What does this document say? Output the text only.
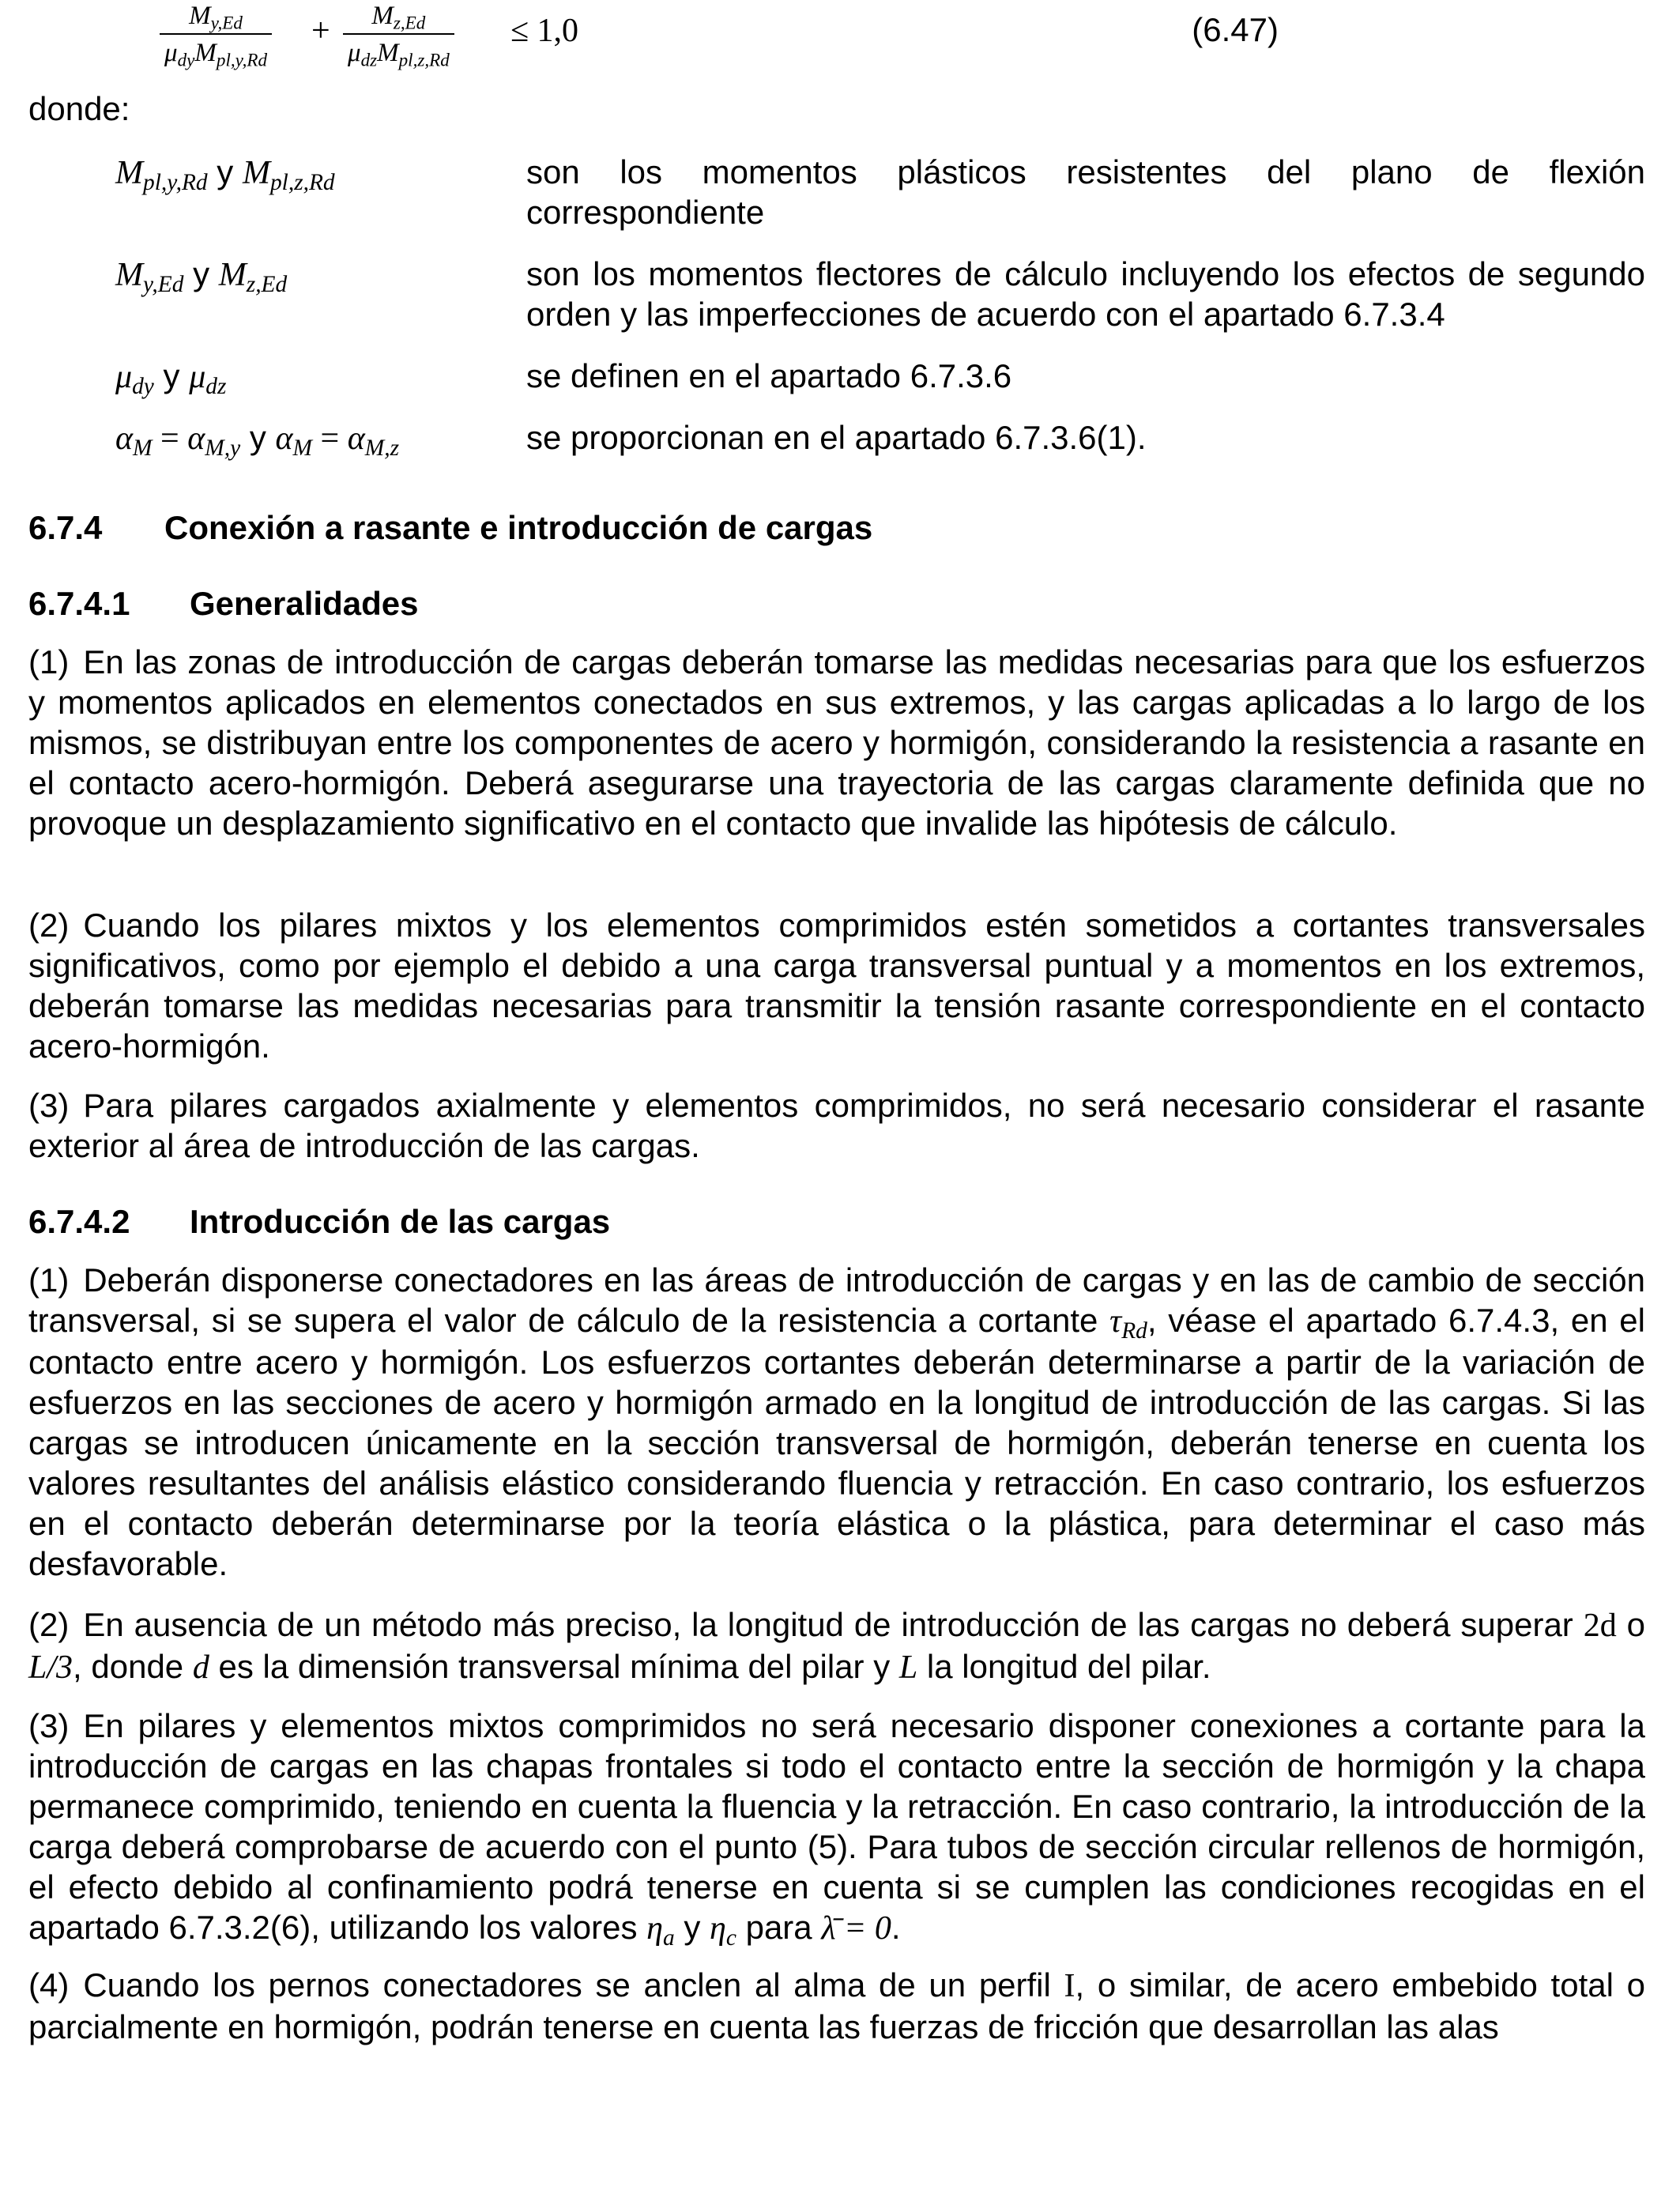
$M_{y,Ed}$
$\mu_{dy}M_{pl,y,Rd}$
+ $M_{z,Ed}$
$\mu_{dz}M_{pl,z,Rd}$
≤ 1,0	(6.47)
donde:
$M_{pl,y,Rd}$ y $M_{pl,z,Rd}$	son los momentos plásticos resistentes del plano de flexión correspondiente
$M_{y,Ed}$ y $M_{z,Ed}$	son los momentos flectores de cálculo incluyendo los efectos de segundo orden y las imperfecciones de acuerdo con el apartado 6.7.3.4
$\mu_{dy}$ y $\mu_{dz}$	se definen en el apartado 6.7.3.6
$\alpha_M = \alpha_{M,y}$ y $\alpha_M = \alpha_{M,z}$	se proporcionan en el apartado 6.7.3.6(1).
6.7.4 Conexión a rasante e introducción de cargas
6.7.4.1 Generalidades

(1) En las zonas de introducción de cargas deberán tomarse las medidas necesarias para que los esfuerzos y momentos aplicados en elementos conectados en sus extremos, y las cargas aplicadas a lo largo de los mismos, se distribuyan entre los componentes de acero y hormigón, considerando la resistencia a rasante en el contacto acero-hormigón. Deberá asegurarse una trayectoria de las cargas claramente definida que no provoque un desplazamiento significativo en el contacto que invalide las hipótesis de cálculo.

(2) Cuando los pilares mixtos y los elementos comprimidos estén sometidos a cortantes transversales significativos, como por ejemplo el debido a una carga transversal puntual y a momentos en los extremos, deberán tomarse las medidas necesarias para transmitir la tensión rasante correspondiente en el contacto acero-hormigón.

(3) Para pilares cargados axialmente y elementos comprimidos, no será necesario considerar el rasante exterior al área de introducción de las cargas.

6.7.4.2 Introducción de las cargas

(1) Deberán disponerse conectadores en las áreas de introducción de cargas y en las de cambio de sección transversal, si se supera el valor de cálculo de la resistencia a cortante $\tau_{Rd}$, véase el apartado 6.7.4.3, en el contacto entre acero y hormigón. Los esfuerzos cortantes deberán determinarse a partir de la variación de esfuerzos en las secciones de acero y hormigón armado en la longitud de introducción de las cargas. Si las cargas se introducen únicamente en la sección transversal de hormigón, deberán tenerse en cuenta los valores resultantes del análisis elástico considerando fluencia y retracción. En caso contrario, los esfuerzos en el contacto deberán determinarse por la teoría elástica o la plástica, para determinar el caso más desfavorable.

(2) En ausencia de un método más preciso, la longitud de introducción de las cargas no deberá superar 2d o L/3, donde d es la dimensión transversal mínima del pilar y L la longitud del pilar.

(3) En pilares y elementos mixtos comprimidos no será necesario disponer conexiones a cortante para la introducción de cargas en las chapas frontales si todo el contacto entre la sección de hormigón y la chapa permanece comprimido, teniendo en cuenta la fluencia y la retracción. En caso contrario, la introducción de la carga deberá comprobarse de acuerdo con el punto (5). Para tubos de sección circular rellenos de hormigón, el efecto debido al confinamiento podrá tenerse en cuenta si se cumplen las condiciones recogidas en el apartado 6.7.3.2(6), utilizando los valores $\eta_a$ y $\eta_c$ para λ̄ = 0.

(4) Cuando los pernos conectadores se anclen al alma de un perfil I, o similar, de acero embebido total o parcialmente en hormigón, podrán tenerse en cuenta las fuerzas de fricción que desarrollan las alas
